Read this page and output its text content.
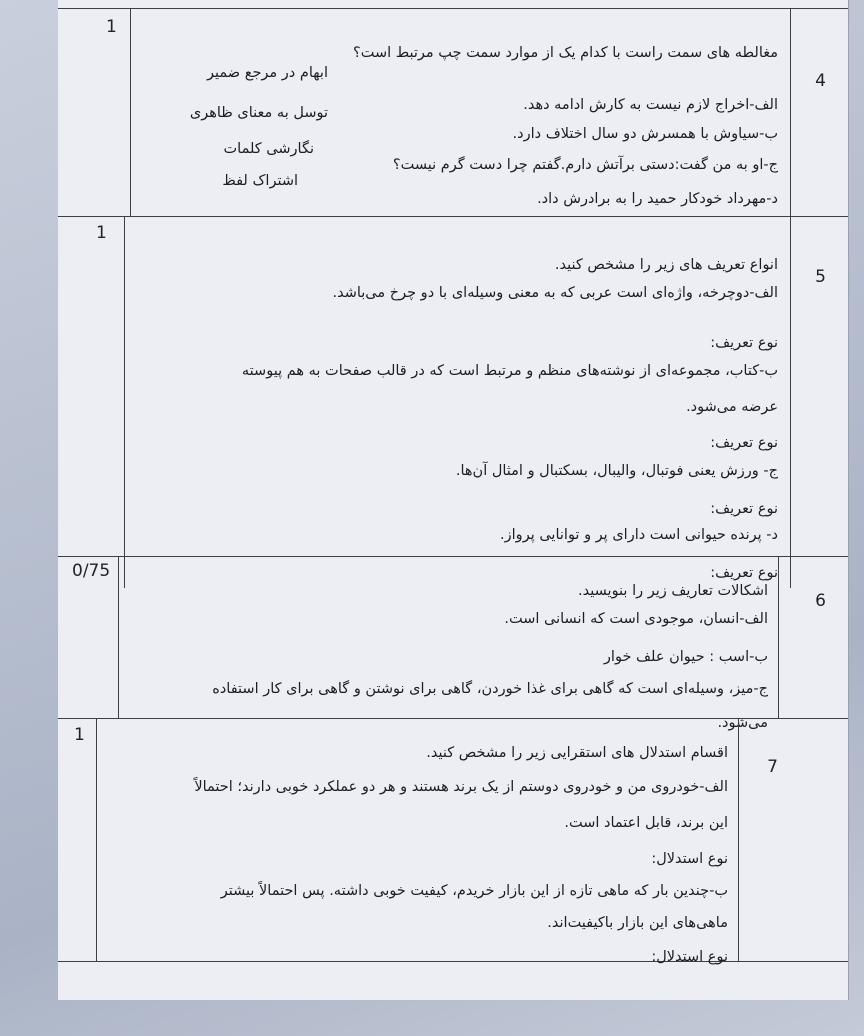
1
4
مغالطه های سمت راست با کدام یک از موارد سمت چپ مرتبط است؟
الف-اخراج لازم نیست به کارش ادامه دهد.
ب-سیاوش با همسرش دو سال اختلاف دارد.
ج-او به من گفت:دستی برآتش دارم.گفتم چرا دست گرم نیست؟
د-مهرداد خودکار حمید را به برادرش داد.
ابهام در مرجع ضمیر
توسل به معنای ظاهری
نگارشی کلمات
اشتراک لفظ
1
5
انواع تعریف های زیر را مشخص کنید.
الف-دوچرخه، واژه‌ای است عربی که به معنی وسیله‌ای با دو چرخ می‌باشد.
نوع تعریف:
ب-کتاب، مجموعه‌ای از نوشته‌های منظم و مرتبط است که در قالب صفحات به هم پیوسته
عرضه می‌شود.
نوع تعریف:
ج- ورزش یعنی فوتبال، والیبال، بسکتبال و امثال آن‌ها.
نوع تعریف:
د- پرنده حیوانی است دارای پر و توانایی پرواز.
نوع تعریف:
0/75
6
اشکالات تعاریف زیر را بنویسید.
الف-انسان، موجودی است که انسانی است.
ب-اسب : حیوان علف خوار
ج-میز، وسیله‌ای است که گاهی برای غذا خوردن، گاهی برای نوشتن و گاهی برای کار استفاده
می‌شود.
1
7
اقسام استدلال های استقرایی زیر را مشخص کنید.
الف-خودروی من و خودروی دوستم از یک برند هستند و هر دو عملکرد خوبی دارند؛ احتمالاً
این برند، قابل اعتماد است.
نوع استدلال:
ب-چندین بار که ماهی تازه از این بازار خریدم، کیفیت خوبی داشته. پس احتمالاً بیشتر
ماهی‌های این بازار باکیفیت‌اند.
نوع استدلال:
